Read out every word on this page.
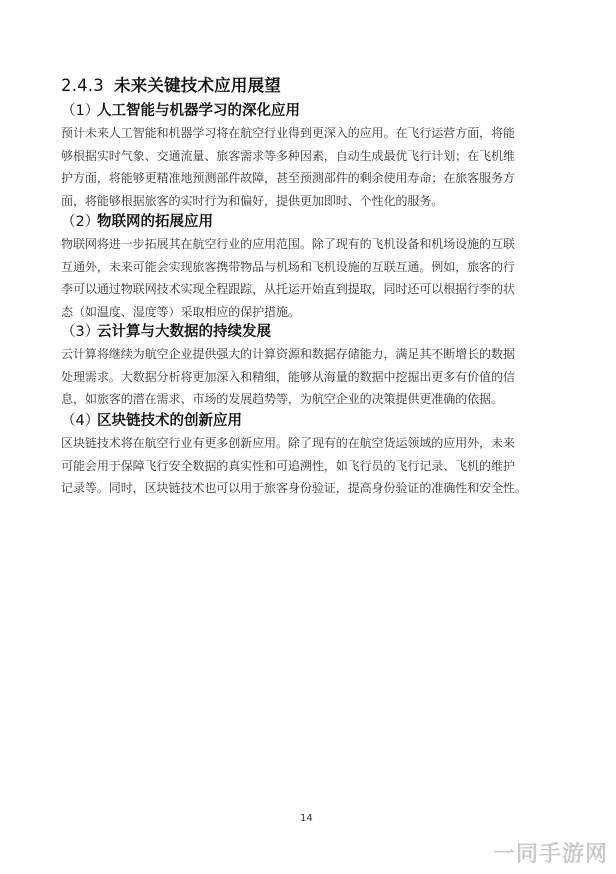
2.4.3 未来关键技术应用展望
（1）人工智能与机器学习的深化应用
预计未来人工智能和机器学习将在航空行业得到更深入的应用。在飞行运营方面，将能
够根据实时气象、交通流量、旅客需求等多种因素，自动生成最优飞行计划；在飞机维
护方面，将能够更精准地预测部件故障，甚至预测部件的剩余使用寿命；在旅客服务方
面，将能够根据旅客的实时行为和偏好，提供更加即时、个性化的服务。
（2）物联网的拓展应用
物联网将进一步拓展其在航空行业的应用范围。除了现有的飞机设备和机场设施的互联
互通外，未来可能会实现旅客携带物品与机场和飞机设施的互联互通。例如，旅客的行
李可以通过物联网技术实现全程跟踪，从托运开始直到提取，同时还可以根据行李的状
态（如温度、湿度等）采取相应的保护措施。
（3）云计算与大数据的持续发展
云计算将继续为航空企业提供强大的计算资源和数据存储能力，满足其不断增长的数据
处理需求。大数据分析将更加深入和精细，能够从海量的数据中挖掘出更多有价值的信
息，如旅客的潜在需求、市场的发展趋势等，为航空企业的决策提供更准确的依据。
（4）区块链技术的创新应用
区块链技术将在航空行业有更多创新应用。除了现有的在航空货运领域的应用外，未来
可能会用于保障飞行安全数据的真实性和可追溯性，如飞行员的飞行记录、飞机的维护
记录等。同时，区块链技术也可以用于旅客身份验证，提高身份验证的准确性和安全性。
14
一同手游网
